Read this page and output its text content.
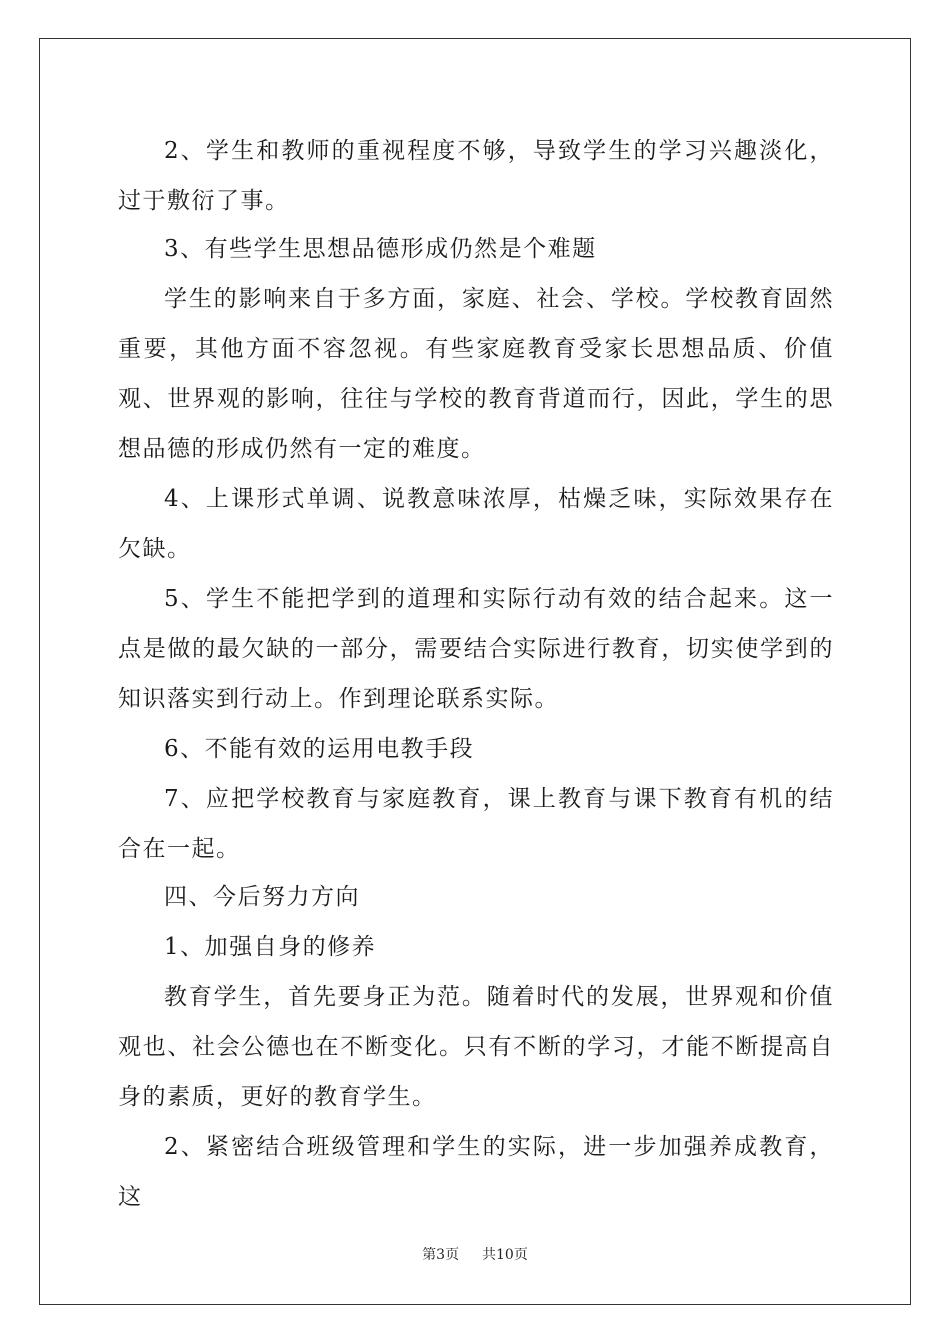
2、学生和教师的重视程度不够，导致学生的学习兴趣淡化，过于敷衍了事。

3、有些学生思想品德形成仍然是个难题

学生的影响来自于多方面，家庭、社会、学校。学校教育固然重要，其他方面不容忽视。有些家庭教育受家长思想品质、价值观、世界观的影响，往往与学校的教育背道而行，因此，学生的思想品德的形成仍然有一定的难度。

4、上课形式单调、说教意味浓厚，枯燥乏味，实际效果存在欠缺。

5、学生不能把学到的道理和实际行动有效的结合起来。这一点是做的最欠缺的一部分，需要结合实际进行教育，切实使学到的知识落实到行动上。作到理论联系实际。

6、不能有效的运用电教手段

7、应把学校教育与家庭教育，课上教育与课下教育有机的结合在一起。

四、今后努力方向

1、加强自身的修养

教育学生，首先要身正为范。随着时代的发展，世界观和价值观也、社会公德也在不断变化。只有不断的学习，才能不断提高自身的素质，更好的教育学生。

2、紧密结合班级管理和学生的实际，进一步加强养成教育，这

第3页 共10页
